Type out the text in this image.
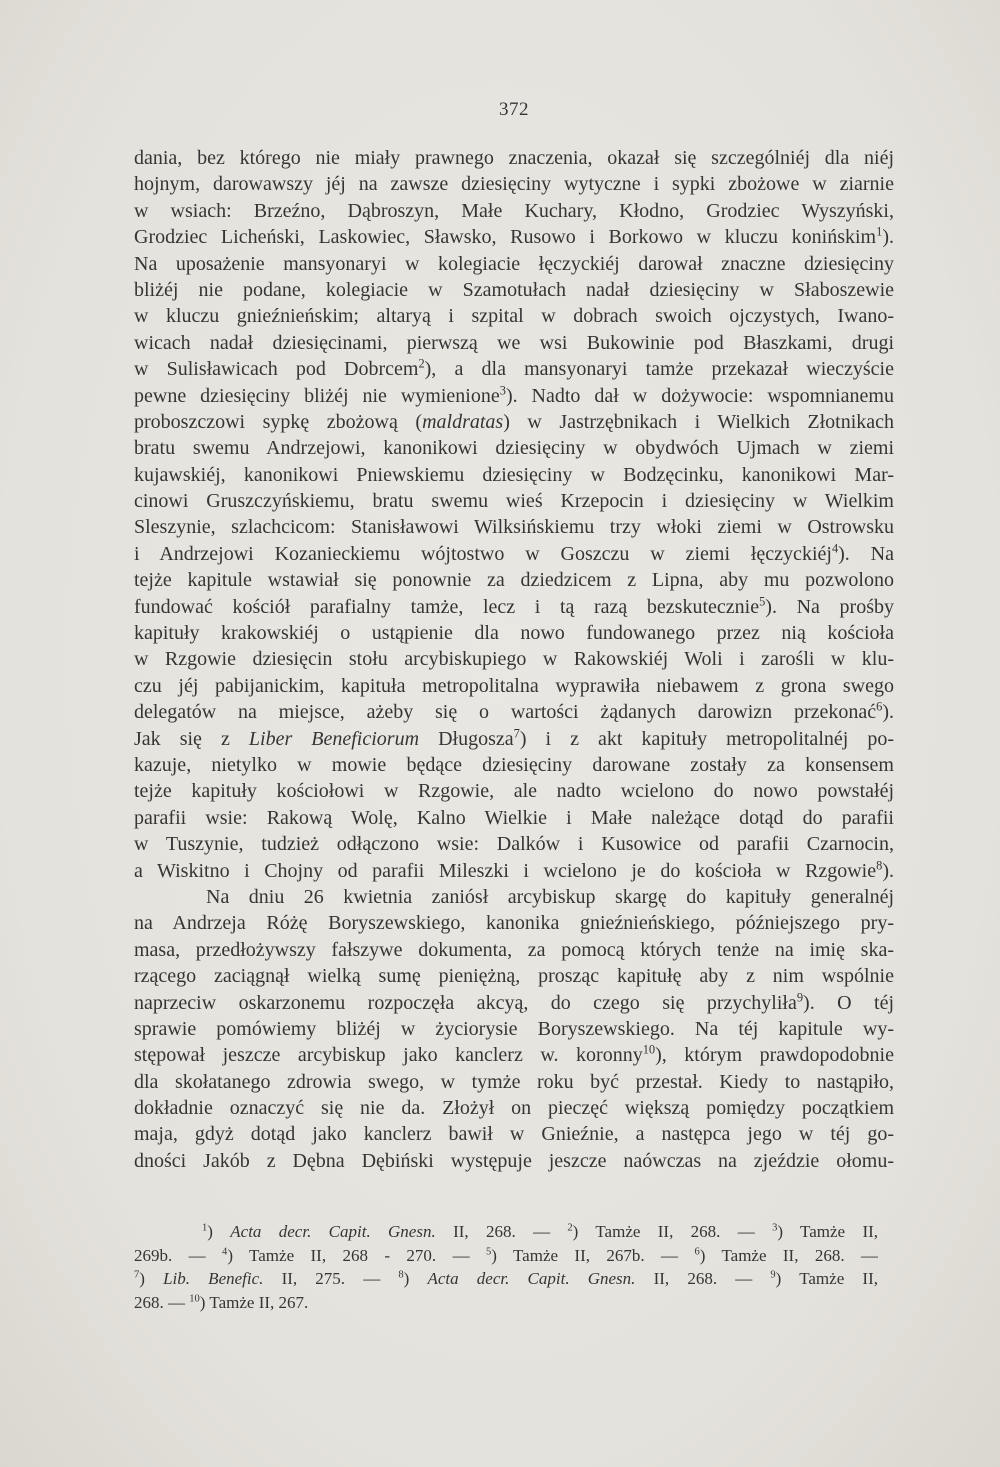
372
dania, bez którego nie miały prawnego znaczenia, okazał się szczególniéj dla niéj
hojnym, darowawszy jéj na zawsze dziesięciny wytyczne i sypki zbożowe w ziarnie
w wsiach: Brzeźno, Dąbroszyn, Małe Kuchary, Kłodno, Grodziec Wyszyński,
Grodziec Licheński, Laskowiec, Sławsko, Rusowo i Borkowo w kluczu konińskim$^1$).
Na uposażenie mansyonaryi w kolegiacie łęczyckiéj darował znaczne dziesięciny
bliżéj nie podane, kolegiacie w Szamotułach nadał dziesięciny w Słaboszewie
w kluczu gnieźnieńskim; altaryą i szpital w dobrach swoich ojczystych, Iwano-
wicach nadał dziesięcinami, pierwszą we wsi Bukowinie pod Błaszkami, drugi
w Sulisławicach pod Dobrcem$^2$), a dla mansyonaryi tamże przekazał wieczyście
pewne dziesięciny bliżéj nie wymienione$^3$). Nadto dał w dożywocie: wspomnianemu
proboszczowi sypkę zbożową (maldratas) w Jastrzębnikach i Wielkich Złotnikach
bratu swemu Andrzejowi, kanonikowi dziesięciny w obydwóch Ujmach w ziemi
kujawskiéj, kanonikowi Pniewskiemu dziesięciny w Bodzęcinku, kanonikowi Mar-
cinowi Gruszczyńskiemu, bratu swemu wieś Krzepocin i dziesięciny w Wielkim
Sleszynie, szlachcicom: Stanisławowi Wilksińskiemu trzy włoki ziemi w Ostrowsku
i Andrzejowi Kozanieckiemu wójtostwo w Goszczu w ziemi łęczyckiéj$^4$). Na
tejże kapitule wstawiał się ponownie za dziedzicem z Lipna, aby mu pozwolono
fundować kościół parafialny tamże, lecz i tą razą bezskutecznie$^5$). Na prośby
kapituły krakowskiéj o ustąpienie dla nowo fundowanego przez nią kościoła
w Rzgowie dziesięcin stołu arcybiskupiego w Rakowskiéj Woli i zarośli w klu-
czu jéj pabijanickim, kapituła metropolitalna wyprawiła niebawem z grona swego
delegatów na miejsce, ażeby się o wartości żądanych darowizn przekonać$^6$).
Jak się z Liber Beneficiorum Długosza$^7$) i z akt kapituły metropolitalnéj po-
kazuje, nietylko w mowie będące dziesięciny darowane zostały za konsensem
tejże kapituły kościołowi w Rzgowie, ale nadto wcielono do nowo powstałéj
parafii wsie: Rakową Wolę, Kalno Wielkie i Małe należące dotąd do parafii
w Tuszynie, tudzież odłączono wsie: Dalków i Kusowice od parafii Czarnocin,
a Wiskitno i Chojny od parafii Mileszki i wcielono je do kościoła w Rzgowie$^8$).
Na dniu 26 kwietnia zaniósł arcybiskup skargę do kapituły generalnéj
na Andrzeja Różę Boryszewskiego, kanonika gnieźnieńskiego, późniejszego pry-
masa, przedłożywszy fałszywe dokumenta, za pomocą których tenże na imię ska-
rzącego zaciągnął wielką sumę pieniężną, prosząc kapitułę aby z nim wspólnie
naprzeciw oskarzonemu rozpoczęła akcyą, do czego się przychyliła$^9$). O téj
sprawie pomówiemy bliżéj w życiorysie Boryszewskiego. Na téj kapitule wy-
stępował jeszcze arcybiskup jako kanclerz w. koronny$^{10}$), którym prawdopodobnie
dla skołatanego zdrowia swego, w tymże roku być przestał. Kiedy to nastąpiło,
dokładnie oznaczyć się nie da. Złożył on pieczęć większą pomiędzy początkiem
maja, gdyż dotąd jako kanclerz bawił w Gnieźnie, a następca jego w téj go-
dności Jakób z Dębna Dębiński występuje jeszcze naówczas na zjeździe ołomu-
$^1$) Acta decr. Capit. Gnesn. II, 268. — $^2$) Tamże II, 268. — $^3$) Tamże II,
269b. — $^4$) Tamże II, 268 - 270. — $^5$) Tamże II, 267b. — $^6$) Tamże II, 268. —
$^7$) Lib. Benefic. II, 275. — $^8$) Acta decr. Capit. Gnesn. II, 268. — $^9$) Tamże II,
268. — $^{10}$) Tamże II, 267.
